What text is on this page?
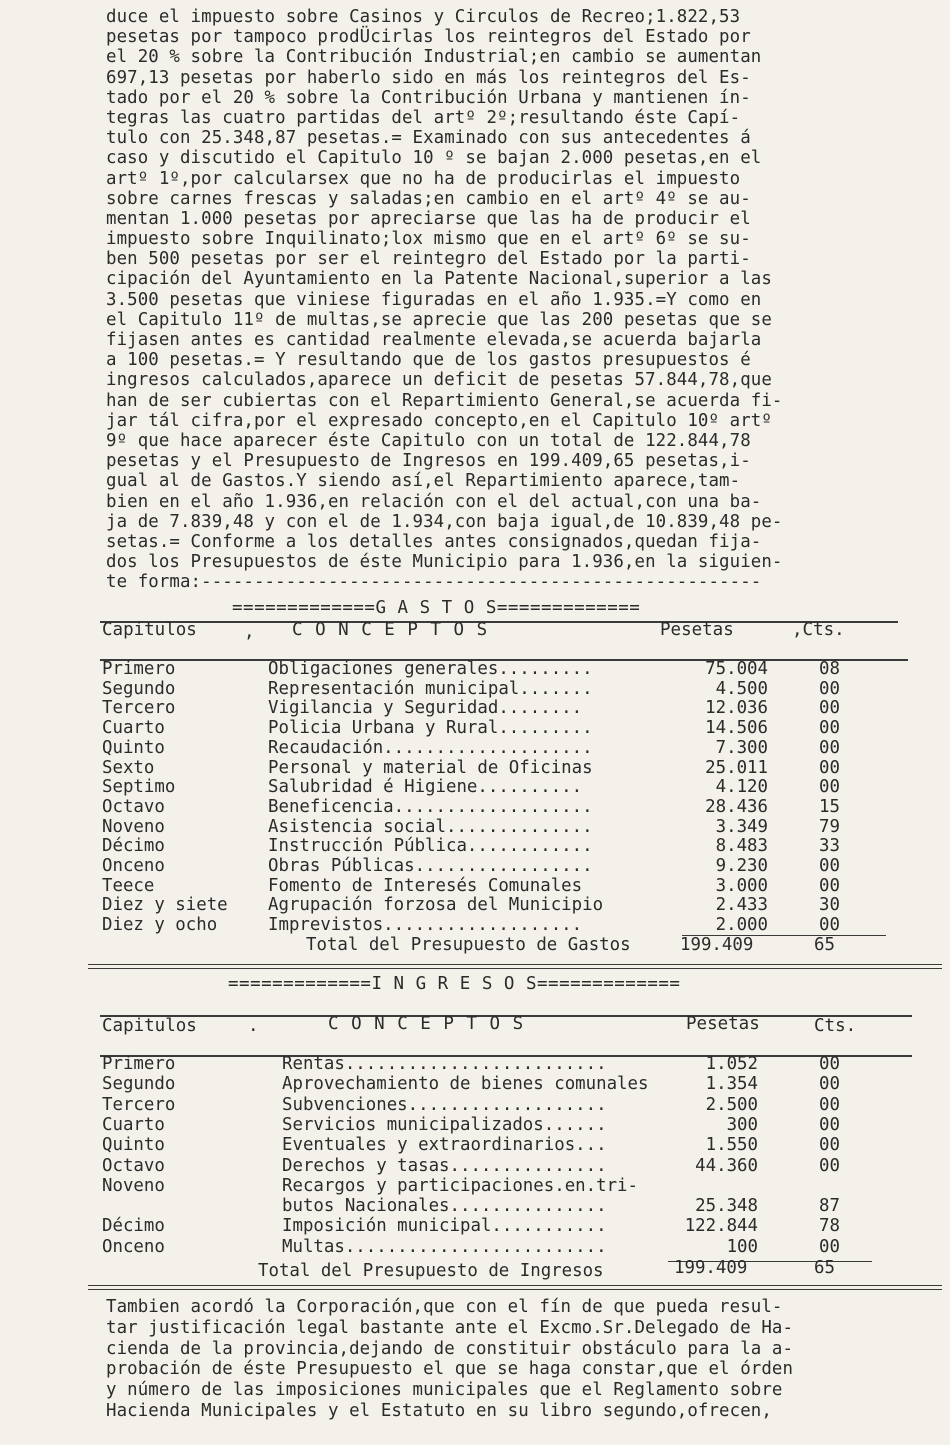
duce el impuesto sobre Casinos y Circulos de Recreo;1.822,53
pesetas por tampoco prodÜcirlas los reintegros del Estado por
el 20 % sobre la Contribución Industrial;en cambio se aumentan
697,13 pesetas por haberlo sido en más los reintegros del Es-
tado por el 20 % sobre la Contribución Urbana y mantienen ín-
tegras las cuatro partidas del artº 2º;resultando éste Capí-
tulo con 25.348,87 pesetas.= Examinado con sus antecedentes á
caso y discutido el Capitulo 10 º se bajan 2.000 pesetas,en el
artº 1º,por calcularsex que no ha de producirlas el impuesto
sobre carnes frescas y saladas;en cambio en el artº 4º se au-
mentan 1.000 pesetas por apreciarse que las ha de producir el
impuesto sobre Inquilinato;lox mismo que en el artº 6º se su-
ben 500 pesetas por ser el reintegro del Estado por la parti-
cipación del Ayuntamiento en la Patente Nacional,superior a las
3.500 pesetas que viniese figuradas en el año 1.935.=Y como en
el Capitulo 11º de multas,se aprecie que las 200 pesetas que se
fijasen antes es cantidad realmente elevada,se acuerda bajarla
a 100 pesetas.= Y resultando que de los gastos presupuestos é
ingresos calculados,aparece un deficit de pesetas 57.844,78,que
han de ser cubiertas con el Repartimiento General,se acuerda fi-
jar tál cifra,por el expresado concepto,en el Capitulo 10º artº
9º que hace aparecer éste Capitulo con un total de 122.844,78
pesetas y el Presupuesto de Ingresos en 199.409,65 pesetas,i-
gual al de Gastos.Y siendo así,el Repartimiento aparece,tam-
bien en el año 1.936,en relación con el del actual,con una ba-
ja de 7.839,48 y con el de 1.934,con baja igual,de 10.839,48 pe-
setas.= Conforme a los detalles antes consignados,quedan fija-
dos los Presupuestos de éste Municipio para 1.936,en la siguien-
te forma:-----------------------------------------------------
=============G A S T O S=============
Capitulos	, C O N C E P T O S	Pesetas	,Cts.
Primero	Obligaciones generales.........	75.004	08
Segundo	Representación municipal.......	4.500	00
Tercero	Vigilancia y Seguridad........	12.036	00
Cuarto	Policia Urbana y Rural.........	14.506	00
Quinto	Recaudación....................	7.300	00
Sexto	Personal y material de Oficinas	25.011	00
Septimo	Salubridad é Higiene..........	4.120	00
Octavo	Beneficencia...................	28.436	15
Noveno	Asistencia social..............	3.349	79
Décimo	Instrucción Pública............	8.483	33
Onceno	Obras Públicas.................	9.230	00
Teece	Fomento de Interesés Comunales	3.000	00
Diez y siete Agrupación forzosa del Municipio	2.433	30
Diez y ocho	Imprevistos...................	2.000	00
Total del Presupuesto de Gastos	199.409	65
=============I N G R E S O S=============
Capitulos	.	C O N C E P T O S	Pesetas	Cts.
Primero	Rentas.........................	1.052	00
Segundo	Aprovechamiento de bienes comunales	1.354	00
Tercero	Subvenciones...................	2.500	00
Cuarto	Servicios municipalizados......	300	00
Quinto	Eventuales y extraordinarios...	1.550	00
Octavo	Derechos y tasas...............	44.360	00
Noveno	Recargos y participaciones.en.tri-
butos Nacionales...............	25.348	87
Décimo	Imposición municipal...........	122.844	78
Onceno	Multas.........................	100	00
Total del Presupuesto de Ingresos	199.409	65
Tambien acordó la Corporación,que con el fín de que pueda resul-
tar justificación legal bastante ante el Excmo.Sr.Delegado de Ha-
cienda de la provincia,dejando de constituir obstáculo para la a-
probación de éste Presupuesto el que se haga constar,que el órden
y número de las imposiciones municipales que el Reglamento sobre
Hacienda Municipales y el Estatuto en su libro segundo,ofrecen,
